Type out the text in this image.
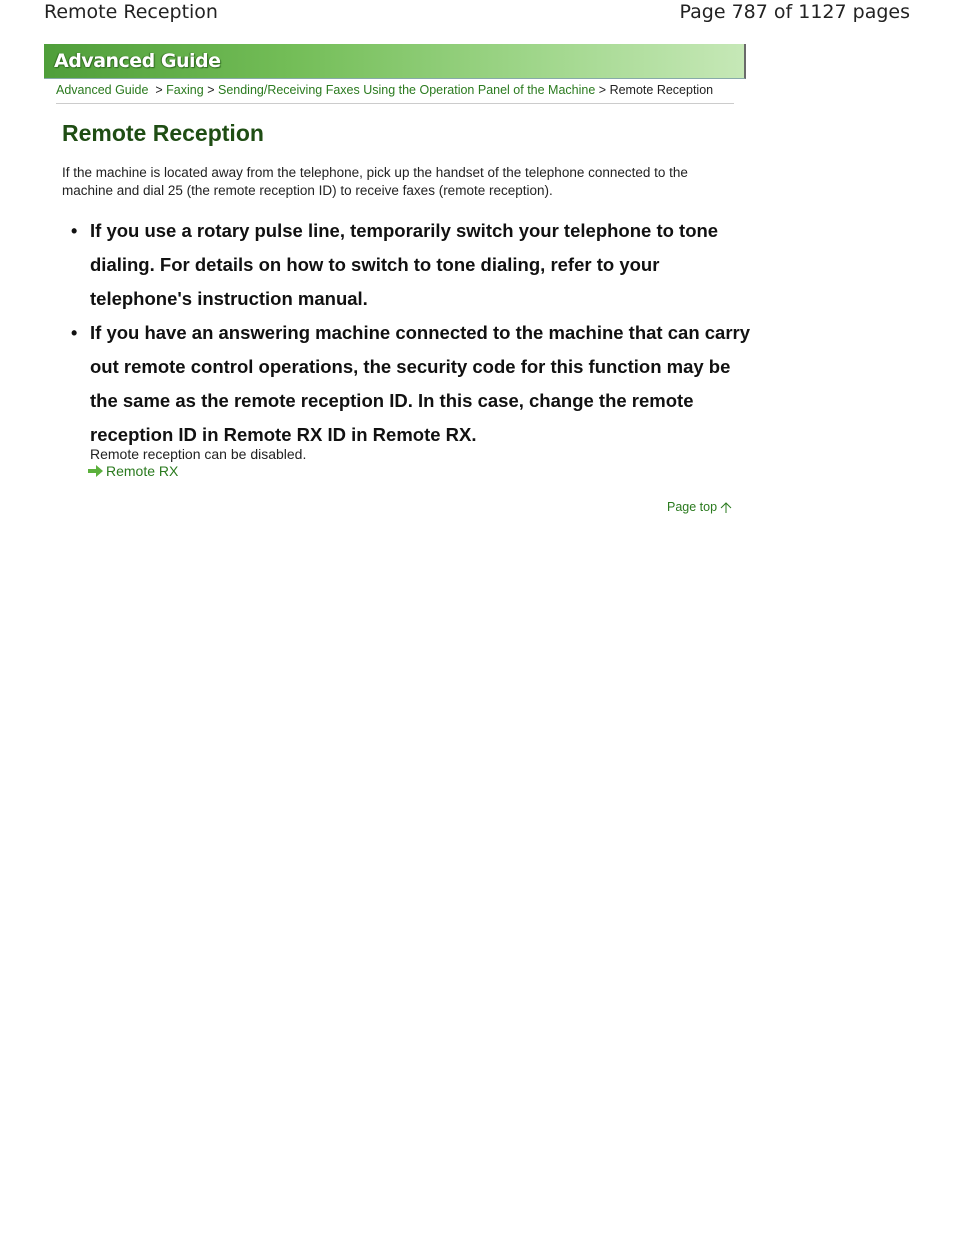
Remote Reception	Page 787 of 1127 pages
Advanced Guide
Advanced Guide  > Faxing > Sending/Receiving Faxes Using the Operation Panel of the Machine > Remote Reception
Remote Reception

If the machine is located away from the telephone, pick up the handset of the telephone connected to the machine and dial 25 (the remote reception ID) to receive faxes (remote reception).

• If you use a rotary pulse line, temporarily switch your telephone to tone dialing. For details on how to switch to tone dialing, refer to your telephone's instruction manual.
• If you have an answering machine connected to the machine that can carry out remote control operations, the security code for this function may be the same as the remote reception ID. In this case, change the remote reception ID in Remote RX ID in Remote RX.
Remote reception can be disabled.
Remote RX
Page top
